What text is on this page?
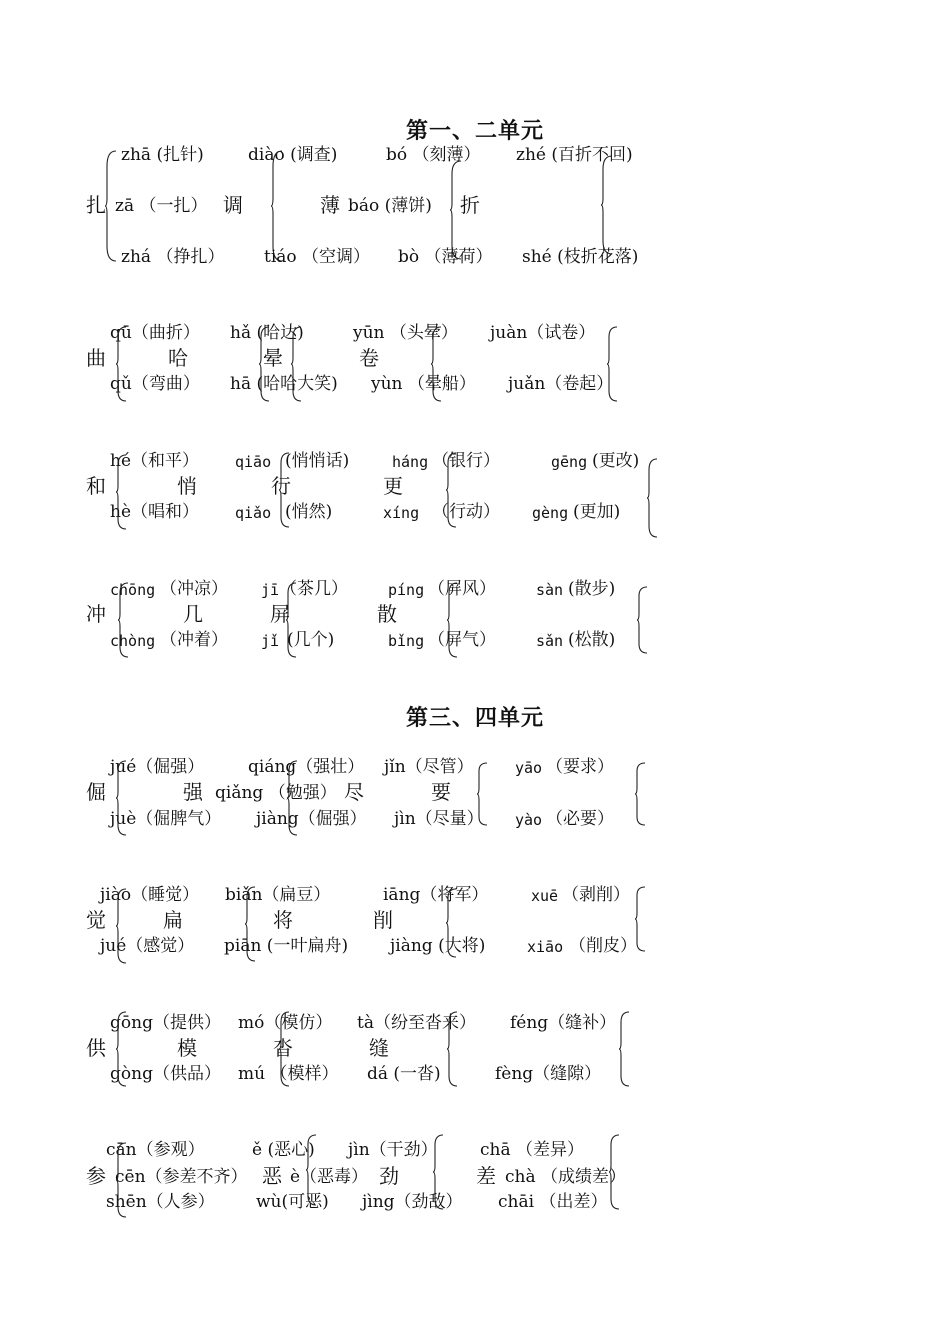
第一、二单元
扎
zhā (扎针)
zā （一扎）
zhá （挣扎）
diào (调查)
调
tiáo （空调）
bó （刻薄）
薄 báo (薄饼)
bò （薄荷）
zhé (百折不回)
折
shé (枝折花落)
曲
qū（曲折）
qǔ（弯曲）
hǎ (哈达)
哈
hā (哈哈大笑)
yūn （头晕）
晕
yùn （晕船）
juàn（试卷）
卷
juǎn（卷起）
和
hé（和平）
hè（唱和）
qiāo (悄悄话)
悄
qiǎo (悄然)
háng （银行）
行
xíng （行动）
gēng (更改)
更
gèng (更加)
冲
chōng （冲凉）
chòng （冲着）
jī （茶几）
几
jǐ (几个)
píng （屏风）
屏
bǐng （屏气）
sàn (散步)
散
sǎn (松散)
第三、四单元
倔
jué（倔强）
juè（倔脾气）
qiáng（强壮）
强 qiǎng （勉强）
jiàng（倔强）
jǐn（尽管）
尽
jìn（尽量）
yāo （要求）
要
yào （必要）
觉
jiào（睡觉）
jué（感觉）
biǎn（扁豆）
扁
piān (一叶扁舟)
iāng（将军）
将
jiàng (大将)
xuē （剥削）
削
xiāo （削皮）
供
gōng（提供）
gòng（供品）
mó（模仿）
模
mú （模样）
tà（纷至沓来）
沓
dá (一沓)
féng（缝补）
缝
fèng（缝隙）
参
cān（参观）
cēn（参差不齐）
shēn（人参）
ě (恶心)
恶 è（恶毒）
wù(可恶)
jìn（干劲）
劲
jìng（劲敌）
chā （差异）
差 chà （成绩差）
chāi （出差）
